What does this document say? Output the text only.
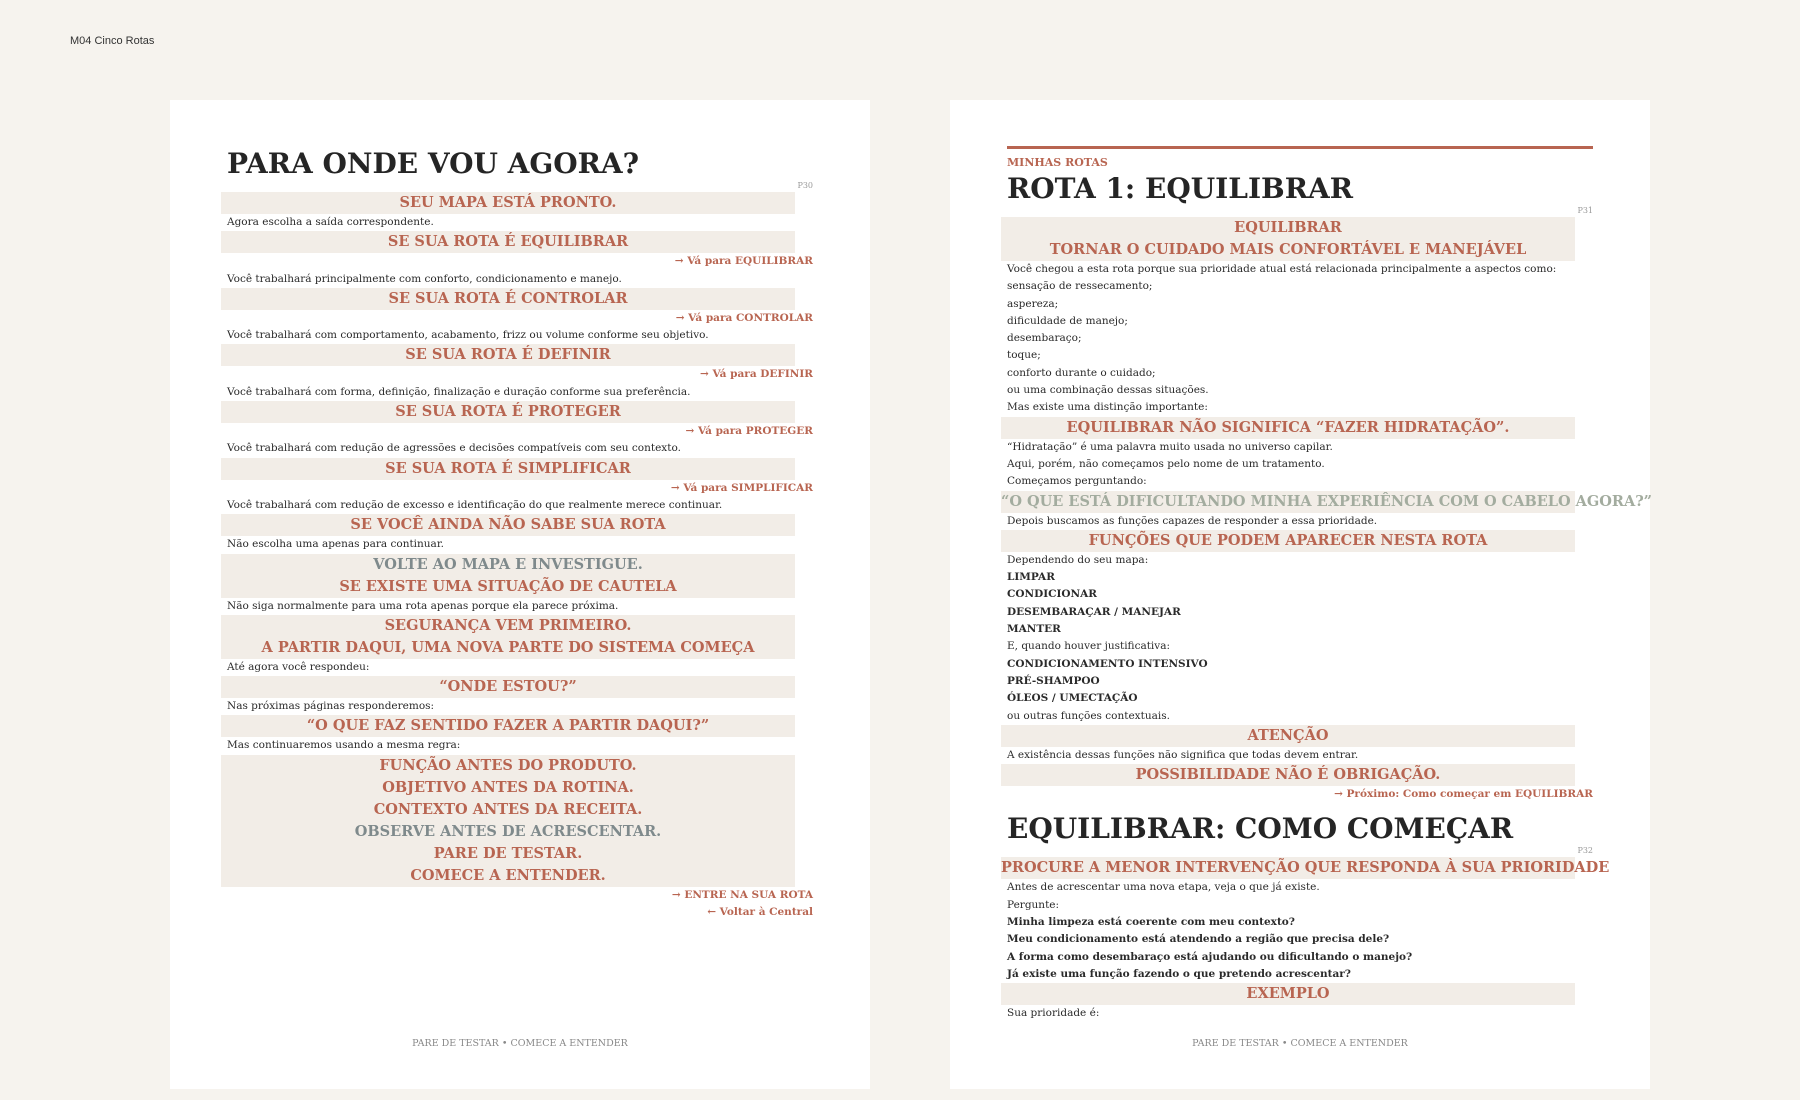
M04 Cinco Rotas
PARA ONDE VOU AGORA?
P30
SEU MAPA ESTÁ PRONTO.
Agora escolha a saída correspondente.
SE SUA ROTA É EQUILIBRAR
→ Vá para EQUILIBRAR
Você trabalhará principalmente com conforto, condicionamento e manejo.
SE SUA ROTA É CONTROLAR
→ Vá para CONTROLAR
Você trabalhará com comportamento, acabamento, frizz ou volume conforme seu objetivo.
SE SUA ROTA É DEFINIR
→ Vá para DEFINIR
Você trabalhará com forma, definição, finalização e duração conforme sua preferência.
SE SUA ROTA É PROTEGER
→ Vá para PROTEGER
Você trabalhará com redução de agressões e decisões compatíveis com seu contexto.
SE SUA ROTA É SIMPLIFICAR
→ Vá para SIMPLIFICAR
Você trabalhará com redução de excesso e identificação do que realmente merece continuar.
SE VOCÊ AINDA NÃO SABE SUA ROTA
Não escolha uma apenas para continuar.
VOLTE AO MAPA E INVESTIGUE.
SE EXISTE UMA SITUAÇÃO DE CAUTELA
Não siga normalmente para uma rota apenas porque ela parece próxima.
SEGURANÇA VEM PRIMEIRO.
A PARTIR DAQUI, UMA NOVA PARTE DO SISTEMA COMEÇA
Até agora você respondeu:
“ONDE ESTOU?”
Nas próximas páginas responderemos:
“O QUE FAZ SENTIDO FAZER A PARTIR DAQUI?”
Mas continuaremos usando a mesma regra:
FUNÇÃO ANTES DO PRODUTO.
OBJETIVO ANTES DA ROTINA.
CONTEXTO ANTES DA RECEITA.
OBSERVE ANTES DE ACRESCENTAR.
PARE DE TESTAR.
COMECE A ENTENDER.
→ ENTRE NA SUA ROTA
← Voltar à Central
PARE DE TESTAR • COMECE A ENTENDER
MINHAS ROTAS
ROTA 1: EQUILIBRAR
P31
EQUILIBRAR
TORNAR O CUIDADO MAIS CONFORTÁVEL E MANEJÁVEL
Você chegou a esta rota porque sua prioridade atual está relacionada principalmente a aspectos como:
sensação de ressecamento;
aspereza;
dificuldade de manejo;
desembaraço;
toque;
conforto durante o cuidado;
ou uma combinação dessas situações.
Mas existe uma distinção importante:
EQUILIBRAR NÃO SIGNIFICA “FAZER HIDRATAÇÃO”.
“Hidratação” é uma palavra muito usada no universo capilar.
Aqui, porém, não começamos pelo nome de um tratamento.
Começamos perguntando:
“O QUE ESTÁ DIFICULTANDO MINHA EXPERIÊNCIA COM O CABELO AGORA?”
Depois buscamos as funções capazes de responder a essa prioridade.
FUNÇÕES QUE PODEM APARECER NESTA ROTA
Dependendo do seu mapa:
LIMPAR
CONDICIONAR
DESEMBARAÇAR / MANEJAR
MANTER
E, quando houver justificativa:
CONDICIONAMENTO INTENSIVO
PRÉ-SHAMPOO
ÓLEOS / UMECTAÇÃO
ou outras funções contextuais.
ATENÇÃO
A existência dessas funções não significa que todas devem entrar.
POSSIBILIDADE NÃO É OBRIGAÇÃO.
→ Próximo: Como começar em EQUILIBRAR
EQUILIBRAR: COMO COMEÇAR
P32
PROCURE A MENOR INTERVENÇÃO QUE RESPONDA À SUA PRIORIDADE
Antes de acrescentar uma nova etapa, veja o que já existe.
Pergunte:
Minha limpeza está coerente com meu contexto?
Meu condicionamento está atendendo a região que precisa dele?
A forma como desembaraço está ajudando ou dificultando o manejo?
Já existe uma função fazendo o que pretendo acrescentar?
EXEMPLO
Sua prioridade é:
PARE DE TESTAR • COMECE A ENTENDER
